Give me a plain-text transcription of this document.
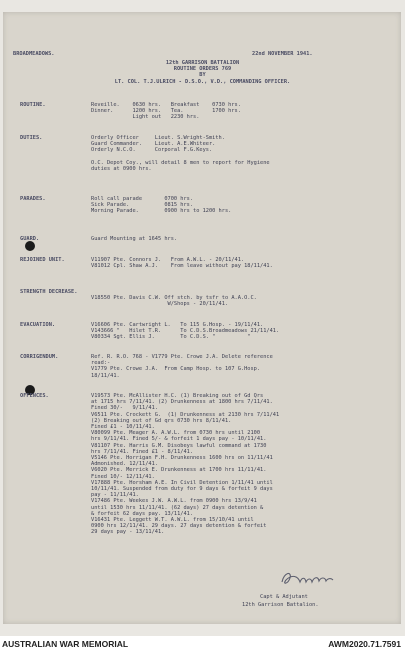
BROADMEADOWS.	22nd NOVEMBER 1941.
12th GARRISON BATTALION
ROUTINE ORDERS 769
BY
LT. COL. T.J.ULRICH - D.S.O., V.D., COMMANDING OFFICER.
ROUTINE.	Reveille.    0630 hrs.   Breakfast    0730 hrs.
Dinner.      1200 hrs.   Tea.         1700 hrs.
Light out   2230 hrs.
DUTIES.	Orderly Officer     Lieut. S.Wright-Smith.
Guard Commander.    Lieut. A.E.Whiteer.
Orderly N.C.O.      Corporal F.G.Keys.

O.C. Depot Coy., will detail 8 men to report for Hygiene
duties at 0900 hrs.
PARADES.	Roll call parade       0700 hrs.
Sick Parade.           0815 hrs.
Morning Parade.        0900 hrs to 1200 hrs.
GUARD.	Guard Mounting at 1645 hrs.
REJOINED UNIT.	V11907 Pte. Connors J.   From A.W.L. - 20/11/41.
V81012 Cpl. Shaw A.J.    From leave without pay 18/11/41.
STRENGTH DECREASE.
V18550 Pte. Davis C.W. Off stch. by tsfr to A.A.O.C.
W/Shops - 20/11/41.
EVACUATION.	V16606 Pte. Cartwright L.   To 115 G.Hosp. - 19/11/41.
V143666 "   Hilet T.R.      To C.D.S.Broadmeadows 21/11/41.
V80334 Sgt. Ellis J.        To C.D.S. "          "
CORRIGENDUM.	Ref. R. R.O. 768 - V1779 Pte. Crowe J.A. Delete reference
read:-
V1779 Pte. Crowe J.A.  From Camp Hosp. to 107 G.Hosp.
18/11/41.
OFFENCES.	V19573 Pte. McAllister H.C. (1) Breaking out of Gd Qrs
at 1715 hrs 7/11/41. (2) Drunkenness at 1800 hrs 7/11/41.
Fined 30/-   9/11/41.
V6511 Pte. Crockett G.  (1) Drunkenness at 2130 hrs 7/11/41
(2) Breaking out of Gd qrs 0730 hrs 8/11/41.
Fined £1 - 10/11/41.
V80099 Pte. Meager A. A.W.L. from 0730 hrs until 2100
hrs 9/11/41. Fined 5/- & forfeit 1 days pay - 10/11/41.
V81107 Pte. Harris G.M. Disobeys lawful command at 1730
hrs 7/11/41. Fined £1 - 8/11/41.
V5146 Pte. Horrigan F.H. Drunkenness 1600 hrs on 11/11/41
Admonished. 12/11/41.
V6020 Pte. Merrick E. Drunkenness at 1700 hrs 11/11/41.
Fined 10/- 12/11/41.
V17888 Pte. Horsham A.E. In Civil Detention 1/11/41 until
10/11/41. Suspended from duty for 9 days & forfeit 9 days
pay - 11/11/41.
V17486 Pte. Weekes J.W. A.W.L. from 0900 hrs 13/9/41
until 1530 hrs 11/11/41. (62 days) 27 days detention &
& forfeit 62 days pay. 13/11/41.
V16431 Pte. Leggett W.T. A.W.L. from 15/10/41 until
0900 hrs 12/11/41. 29 days. 27 days detention & forfeit
29 days pay - 13/11/41.
Capt & Adjutant
12th Garrison Battalion.
AUSTRALIAN WAR MEMORIAL	AWM2020.71.7591
